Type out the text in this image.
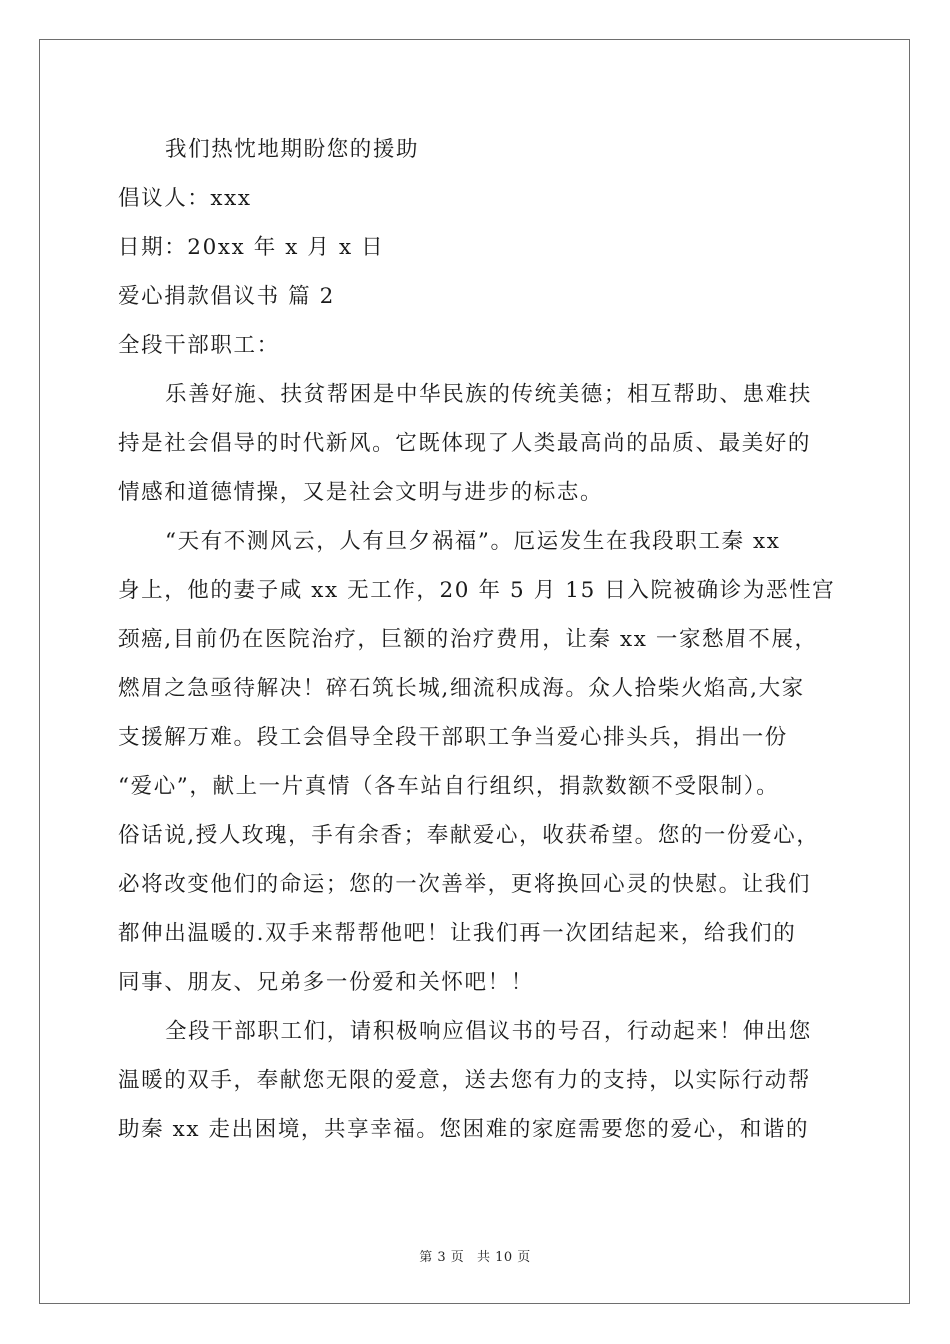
我们热忱地期盼您的援助
倡议人：xxx
日期：20xx 年 x 月 x 日
爱心捐款倡议书 篇 2
全段干部职工：
乐善好施、扶贫帮困是中华民族的传统美德；相互帮助、患难扶
持是社会倡导的时代新风。它既体现了人类最高尚的品质、最美好的
情感和道德情操，又是社会文明与进步的标志。
“天有不测风云，人有旦夕祸福”。厄运发生在我段职工秦 xx
身上，他的妻子咸 xx 无工作，20 年 5 月 15 日入院被确诊为恶性宫
颈癌,目前仍在医院治疗，巨额的治疗费用，让秦 xx 一家愁眉不展，
燃眉之急亟待解决！碎石筑长城,细流积成海。众人拾柴火焰高,大家
支援解万难。段工会倡导全段干部职工争当爱心排头兵，捐出一份
“爱心”，献上一片真情（各车站自行组织，捐款数额不受限制）。
俗话说,授人玫瑰，手有余香；奉献爱心，收获希望。您的一份爱心，
必将改变他们的命运；您的一次善举，更将换回心灵的快慰。让我们
都伸出温暖的.双手来帮帮他吧！让我们再一次团结起来，给我们的
同事、朋友、兄弟多一份爱和关怀吧！！
全段干部职工们，请积极响应倡议书的号召，行动起来！伸出您
温暖的双手，奉献您无限的爱意，送去您有力的支持，以实际行动帮
助秦 xx 走出困境，共享幸福。您困难的家庭需要您的爱心，和谐的
第 3 页 共 10 页
